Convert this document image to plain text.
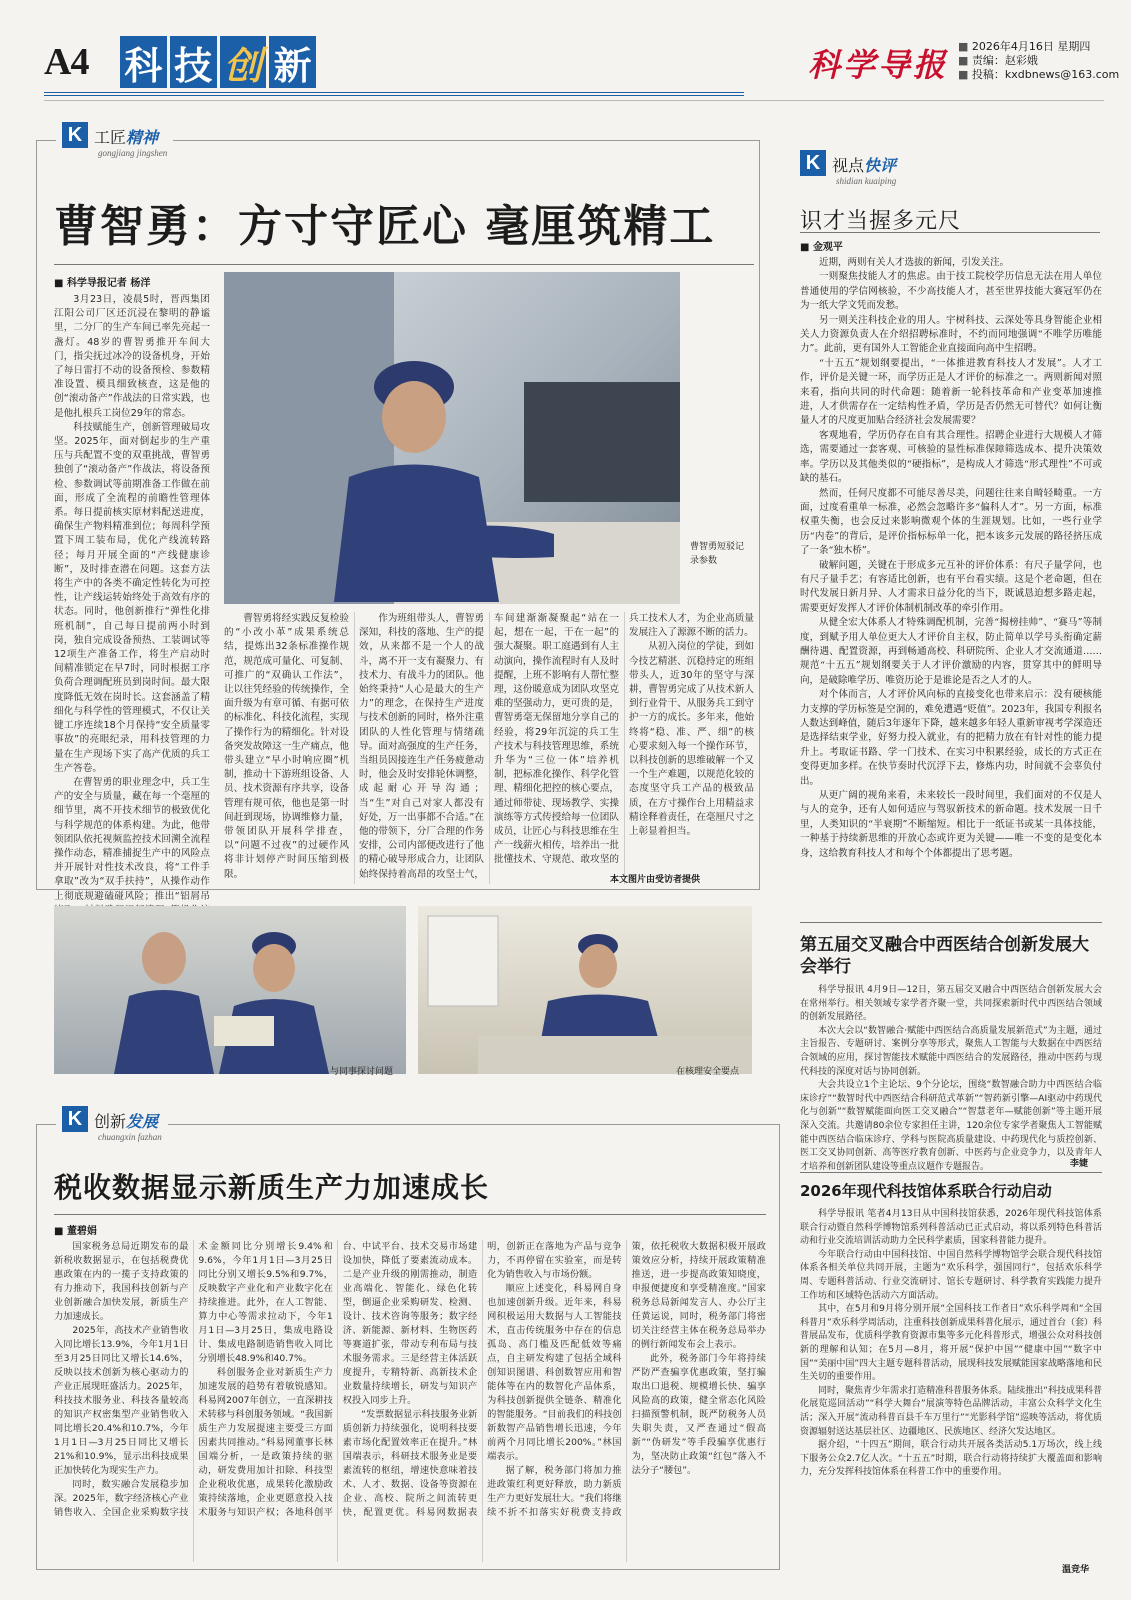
A4 科 技 创 新	科学导报
■	2026年4月16日 星期四
■ 责编：赵彩娥
■ 投稿：kxdbnews@163.com
K 工匠精神
gongjiang jingshen
曹智勇：方寸守匠心 毫厘筑精工
■ 科学导报记者 杨洋

3月23日，凌晨5时，晋西集团江阳公司厂区还沉浸在黎明的静谧里，二分厂的生产车间已率先亮起一盏灯。48岁的曹智勇推开车间大门，指尖抚过冰冷的设备机身，开始了每日雷打不动的设备预检、参数精准设置、模具细致核查，这是他的创“滚动备产”作战法的日常实践，也是他扎根兵工岗位29年的常态。

科技赋能生产，创新管理破局攻坚。2025年，面对倒起步的生产重压与兵配置不变的双重挑战，曹智勇独创了“滚动备产”作战法，将设备预检、参数调试等前期准备工作做在前面，形成了全流程的前瞻性管理体系。每日提前核实原材料配送进度，确保生产物料精准到位；每周科学预置下周工装布局，优化产线流转路径；每月开展全面的“产线健康诊断”，及时排查潜在问题。这套方法将生产中的各类不确定性转化为可控性，让产线运转始终处于高效有序的状态。同时，他创新推行“弹性化排班机制”，自己每日提前两小时到岗，独自完成设备预热、工装调试等12项生产准备工作，将生产启动时间精准锁定在早7时，同时根据工序负荷合理调配班员到岗时间。最大限度降低无效在岗时长。这套涵盖了精细化与科学性的管理模式，不仅让关键工序连续18个月保持“安全质量零事故”的亮眼纪录，用科技管理的力量在生产现场下实了高产优质的兵工生产答卷。

在曹智勇的职业理念中，兵工生产的安全与质量，藏在每一个毫厘的细节里，离不开技术细节的极致优化与科学规范的体系构建。为此，他带领团队依托视频监控技术回溯全流程操作动态，精准捕捉生产中的风险点并开展针对性技术改良，将“工件手拿取”改为“双手扶持”，从操作动作上彻底规避磕碰风险；推出“铝屑吊

曹智勇短驳记录参数

曹智勇将经实践反复检验的“小改小革”成果系统总结，提炼出32条标准操作规范，规范成可量化、可复制、可推广的“双确认工作法”，让以往凭经验的传统操作，全面升级为有章可循、有据可依的标准化、科技化流程，实现了操作行为的精细化。针对设备突发故障这一生产痛点，他带头建立“早小时响应圈”机制，推动十下游班组设备、人员、技术资源有序共享，设备管理有规可依，他也是第一时间赶到现场，协调维修力量，带领团队开展科学排查，以“问题不过夜”的过硬作风将非计划停产时间压缩到极限。

作为班组带头人，曹智勇深知，科技的落地、生产的提效，从来都不是一个人的战斗，离不开一支有凝聚力、有技术力、有战斗力的团队。他始终秉持“人心是最大的生产力”的理念，在保持生产进度与技术创新的同时，格外注重团队的人性化管理与情绪疏导。面对高强度的生产任务，当组员因接连生产任务疲惫动时，他会及时安排轮休调整，成起耐心开导沟通；当“生”对自己对家人都没有好处，万一出事都不合适。”在他的带领下，分厂合理的作务安排，公司内部便改进行了他的精心破导形成合力，让团队始终保持着高昂的攻坚士气，车间建渐渐凝聚起“站在一起，想在一起，干在一起”的强大凝聚。职工庭遇到有人主动演向，操作流程时有人及时提醒，上班不影响有人帮忙整理，这份暖意成为团队攻坚克难的坚强动力，更可贵的是，曹智勇毫无保留地分享自己的经验，将29年沉淀的兵工生产技术与科技管理思维，系统升华为“三位一体”培养机制，把标准化操作、科学化管理、精细化把控的核心要点，通过师带徒、现场教学、实操演练等方式传授给每一位团队成员，让匠心与科技思维在生产一线薪火相传，培养出一批批懂技术、守规范、敢攻坚的兵工技术人才，为企业高质量发展注入了源源不断的活力。

从初入岗位的学徒，到如今技艺精湛、沉稳持定的班组带头人，近30年的坚守与深耕，曹智勇完成了从技术新人到行业骨干、从服务兵工到守护一方的成长。多年来，他始终将“稳、准、严、细”的核心要求刻入每一个操作环节，以科技创新的思维破解一个又一个生产难题，以规范化较的态度坚守兵工产品的极致品质，在方寸操作台上用精益求精诠释着责任，在毫厘尺寸之上彰显着担当。

本文图片由受访者提供
与同事探讨问题	在核理安全要点
K 视点快评
shidian kuaiping
识才当握多元尺
■ 金观平

近期，两则有关人才选拔的新闻，引发关注。

一则聚焦技能人才的焦虑。由于技工院校学历信息无法在用人单位普通使用的学信网核验，不少高技能人才，甚至世界技能大赛冠军仍在为一纸大学文凭而发愁。

另一则关注科技企业的用人。宇树科技、云深处等具身智能企业相关人力资源负责人在介绍招聘标准时，不约而同地强调“不唯学历唯能力”。此前，更有国外人工智能企业直接面向高中生招聘。

“十五五”规划纲要提出，“一体推进教育科技人才发展”。人才工作，评价是关键一环，而学历正是人才评价的标准之一。两则新闻对照来看，指向共同的时代命题：随着新一轮科技革命和产业变革加速推进，人才供需存在一定结构性矛盾，学历是否仍然无可替代？如何让衡量人才的尺度更加贴合经济社会发展需要？

客观地看，学历仍存在自有其合理性。招聘企业进行大规模人才筛选，需要通过一套客观、可核验的显性标准保障筛选成本、提升决策效率。学历以及其他类似的“硬指标”，是构成人才筛选“形式理性”不可或缺的基石。

然而，任何尺度都不可能尽善尽美，问题往往来自畸轻畸重。一方面，过度看重单一标准，必然会忽略许多“偏科人才”。另一方面，标准权重失衡，也会反过来影响微观个体的生涯规划。比如，一些行业学历“内卷”的背后，是评价指标标单一化，把本该多元发展的路径挤压成了一条“独木桥”。

破解问题，关键在于形成多元互补的评价体系：有尺子量学问，也有尺子量手艺；有容适比创新，也有平台看实绩。这是个老命题，但在时代发展日新月异、人才需求日益分化的当下，既诚恳迫想多路走起，需要更好发挥人才评价体制机制改革的牵引作用。

从健全宏大体系人才特殊调配机制，完善“揭榜挂帅”、“赛马”等制度，到赋予用人单位更大人才评价自主权，防止简单以学号头衔确定薪酬待遇、配置资源，再到畅通高校、科研院所、企业人才交流通道……规范“十五五”规划纲要关于人才评价激励的内容，贯穿其中的鲜明导向，是破除唯学历、唯资历论于是谁论是否之人才的人。

对个体而言，人才评价风向标的直接变化也带来启示：没有硬核能力支撑的学历标签是空洞的，难免遭遇“贬值”。2023年，我国专利报名人数达到峰值，随后3年逐年下降，越来越多年轻人重新审视考学深造还是选择结束学业，好努力投入就业，有的把精力放在有针对性的能力提升上。考取证书路、学一门技术、在实习中积累经验，成长的方式正在变得更加多样。在快节奏时代沉浮下去，修炼内功，时间就不会辜负付出。

从更广阔的视角来看，未来较长一段时间里，我们面对的不仅是人与人的竞争，还有人如何适应与驾驭新技术的新命题。技术发展一日千里，人类知识的“半衰期”不断缩短。相比于一纸证书或某一具体技能，一种基于持续新思维的开放心态或许更为关键——唯一不变的是变化本身，这给教育科技人才和每个个体都提出了思考题。

第五届交叉融合中西医结合创新发展大会举行

科学导报讯 4月9日—12日，第五届交叉融合中西医结合创新发展大会在常州举行。相关领域专家学者齐聚一堂，共同探索新时代中西医结合领域的创新发展路径。

本次大会以“数智融合·赋能中西医结合高质量发展新范式”为主题，通过主旨报告、专题研讨、案例分享等形式，聚焦人工智能与大数据在中西医结合领域的应用，探讨智能技术赋能中西医结合的发展路径，推动中医药与现代科技的深度对话与协同创新。

大会共设立1个主论坛、9个分论坛，围绕“数智融合助力中西医结合临床诊疗”“数智时代中西医结合科研范式革新”“智药新引擎—AI驱动中药现代化与创新”“数智赋能面向医工交叉融合”“智慧老年—赋能创新”等主题开展深入交流。共邀请80余位专家担任主讲，120余位专家学者聚焦人工智能赋能中西医结合临床诊疗、学科与医院高质量建设、中药现代化与质控创新、医工交叉协同创新、高等医疗教育创新、中医药与企业竞争力，以及青年人才培养和创新团队建设等重点议题作专题报告。	李婕
2026年现代科技馆体系联合行动启动

科学导报讯 笔者4月13日从中国科技馆获悉，2026年现代科技馆体系联合行动暨自然科学博物馆系列科普活动已正式启动，将以系列特色科普活动和行业交流培训活动助力全民科学素质，国家科普能力提升。

今年联合行动由中国科技馆、中国自然科学博物馆学会联合现代科技馆体系各相关单位共同开展，主题为“欢乐科学，强国同行”，包括欢乐科学周、专题科普活动、行业交流研讨、馆长专题研讨、科学教育实践能力提升工作坊和区域特色活动六方面活动。

其中，在5月和9月将分别开展“全国科技工作者日”欢乐科学周和“全国科普月”欢乐科学周活动，注重科技创新成果科普化展示，通过首台（套）科普展品发布，优质科学教育资源市集等多元化科普形式，增强公众对科技创新的理解和认知；在5月—8月，将开展“保护中国”“健康中国”“数字中国”“美丽中国”四大主题专题科普活动，展现科技发展赋能国家战略落地和民生关切的重要作用。

同时，聚焦青少年需求打造精准科普服务体系。陆续推出“科技成果科普化展览巡回活动”“科学大舞台”展演等特色品牌活动，丰富公众科学文化生活；深入开展“流动科普百县千车万里行”“光影科学馆”巡映等活动，将优质资源辐射送达基层社区、边疆地区、民族地区、经济欠发达地区。

据介绍，“十四五”期间，联合行动共开展各类活动5.1万场次，线上线下服务公众2.7亿人次。“十五五”时期，联合行动将持续扩大覆盖面和影响力，充分发挥科技馆体系在科普工作中的重要作用。

温竞华
K 创新发展
chuangxin fazhan
税收数据显示新质生产力加速成长
■ 董碧娟

国家税务总局近期发布的最新税收数据显示，在包括税费优惠政策在内的一揽子支持政策的有力推动下，我国科技创新与产业创新融合加快发展，新质生产力加速成长。

2025年，高技术产业销售收入同比增长13.9%，今年1月1日至3月25日同比又增长14.6%，反映以技术创新为核心驱动力的产业正展现旺盛活力。2025年，科技技术服务业、科技各量较高的知识产权密集型产业销售收入同比增长20.4%和10.7%，今年1月1日—3月25日同比又增长21%和10.9%，显示出科技成果正加快转化为现实生产力。

同时，数实融合发展稳步加深。2025年，数字经济核心产业销售收入、全国企业采购数字技术金额同比分别增长9.4%和9.6%，今年1月1日—3月25日同比分别又增长9.5%和9.7%，反映数字产业化和产业数字化在持续推进。此外，在人工智能、算力中心等需求拉动下，今年1月1日—3月25日，集成电路设计、集成电路制造销售收入同比分别增长48.9%和40.7%。

科创服务企业对新质生产力加速发展的趋势有着敏锐感知。科易网2007年创立，一直深耕技术转移与科创服务领域。“我国新质生产力发展提速主要受三方面因素共同推动。”科易网董事长林国端分析，一是政策持续的驱动，研发费用加计扣除、科技型企业税收优惠，成果转化激励政策持续落地，企业更愿意投入技术服务与知识产权；各地科创平台、中试平台、技术交易市场建设加快，降低了要素流动成本。二是产业升级的刚需推动，制造业高端化、智能化、绿色化转型，倒逼企业采购研发、检测、设计、技术咨询等服务；数字经济、新能源、新材料、生物医药等赛道扩张，带动专利布局与技术服务需求。三是经营主体活跃度提升，专精特新、高新技术企业数量持续增长，研发与知识产权投入同步上升。

“发票数据显示科技服务业新质创新力持续强化，说明科技要素市场化配置效率正在提升。”林国端表示，科研技术服务业是要素流转的枢纽，增速快意味着技术、人才、数据、设备等资源在企业、高校、院所之间流转更快，配置更优。科易网数据表明，创新正在落地为产品与竞争力，不再停留在实验室，而是转化为销售收入与市场份额。

顺应上述变化，科易网自身也加速创新升级。近年来，科易网积极运用大数据与人工智能技术，直击传统服务中存在的信息孤岛、高门槛及匹配低效等痛点，自主研发构建了包括全域科创知识图谱、科创数智应用和智能体等在内的数智化产品体系，为科技创新提供全链条、精准化的智能服务。“目前我们的科技创新数智产品销售增长迅速，今年前两个月同比增长200%。”林国端表示。

据了解，税务部门将加力推进政策红利更好释放，助力新质生产力更好发展壮大。“我们将继续不折不扣落实好税费支持政策，依托税收大数据积极开展政策效应分析，持续开展政策精准推送，进一步提高政策知晓度，申报便捷度和享受精准度。”国家税务总局新闻发言人、办公厅主任黄运说，同时，税务部门将密切关注经营主体在税务总局举办的例行新闻发布会上表示。

此外，税务部门今年将持续严防严查骗享优惠政策，坚打骗取出口退税、规模增长快、骗享风险高的政策，健全常态化风险扫描预警机制，既严防税务人员失职失责，又严查通过“假高新”“伪研发”等手段骗享优惠行为，坚决防止政策“红包”落入不法分子“腰包”。
